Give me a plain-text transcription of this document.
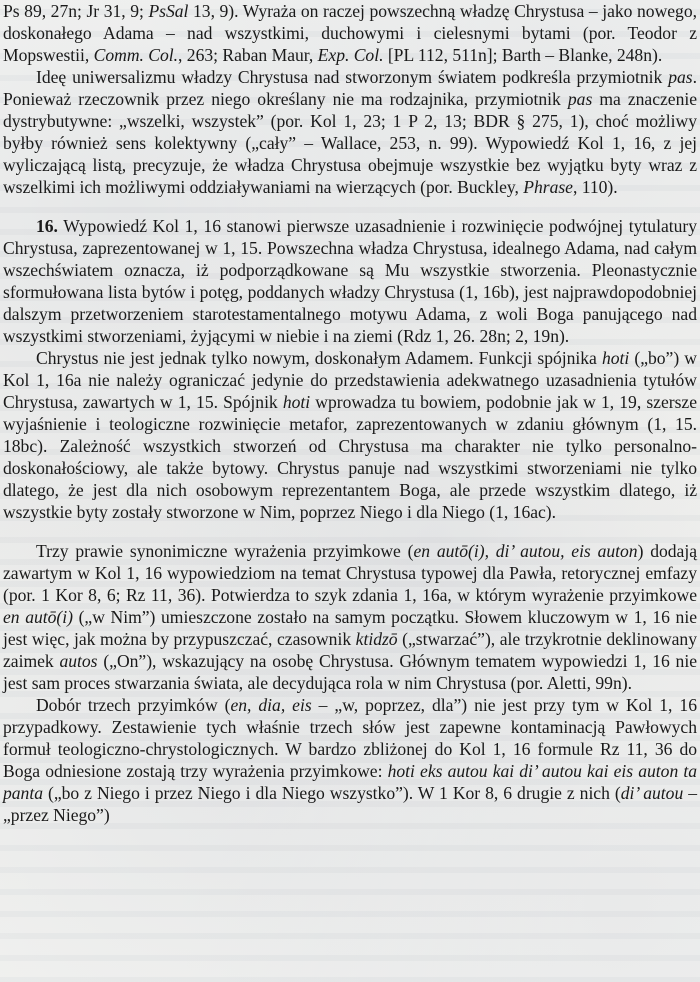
Ps 89, 27n; Jr 31, 9; PsSal 13, 9). Wyraża on raczej powszechną władzę Chrystusa – jako nowego, doskonałego Adama – nad wszystkimi, duchowymi i cielesnymi bytami (por. Teodor z Mopswestii, Comm. Col., 263; Raban Maur, Exp. Col. [PL 112, 511n]; Barth – Blanke, 248n).

Ideę uniwersalizmu władzy Chrystusa nad stworzonym światem podkreśla przymiotnik pas. Ponieważ rzeczownik przez niego określany nie ma rodzajnika, przymiotnik pas ma znaczenie dystrybutywne: „wszelki, wszystek” (por. Kol 1, 23; 1 P 2, 13; BDR § 275, 1), choć możliwy byłby również sens kolektywny („cały” – Wallace, 253, n. 99). Wypowiedź Kol 1, 16, z jej wyliczającą listą, precyzuje, że władza Chrystusa obejmuje wszystkie bez wyjątku byty wraz z wszelkimi ich możliwymi oddziaływaniami na wierzących (por. Buckley, Phrase, 110).

16. Wypowiedź Kol 1, 16 stanowi pierwsze uzasadnienie i rozwinięcie podwójnej tytulatury Chrystusa, zaprezentowanej w 1, 15. Powszechna władza Chrystusa, idealnego Adama, nad całym wszechświatem oznacza, iż podporządkowane są Mu wszystkie stworzenia. Pleonastycznie sformułowana lista bytów i potęg, poddanych władzy Chrystusa (1, 16b), jest najprawdopodobniej dalszym przetworzeniem starotestamentalnego motywu Adama, z woli Boga panującego nad wszystkimi stworzeniami, żyjącymi w niebie i na ziemi (Rdz 1, 26. 28n; 2, 19n).

Chrystus nie jest jednak tylko nowym, doskonałym Adamem. Funkcji spójnika hoti („bo”) w Kol 1, 16a nie należy ograniczać jedynie do przedstawienia adekwatnego uzasadnienia tytułów Chrystusa, zawartych w 1, 15. Spójnik hoti wprowadza tu bowiem, podobnie jak w 1, 19, szersze wyjaśnienie i teologiczne rozwinięcie metafor, zaprezentowanych w zdaniu głównym (1, 15. 18bc). Zależność wszystkich stworzeń od Chrystusa ma charakter nie tylko personalno-doskonałościowy, ale także bytowy. Chrystus panuje nad wszystkimi stworzeniami nie tylko dlatego, że jest dla nich osobowym reprezentantem Boga, ale przede wszystkim dlatego, iż wszystkie byty zostały stworzone w Nim, poprzez Niego i dla Niego (1, 16ac).

Trzy prawie synonimiczne wyrażenia przyimkowe (en autō(i), di’ autou, eis auton) dodają zawartym w Kol 1, 16 wypowiedziom na temat Chrystusa typowej dla Pawła, retorycznej emfazy (por. 1 Kor 8, 6; Rz 11, 36). Potwierdza to szyk zdania 1, 16a, w którym wyrażenie przyimkowe en autō(i) („w Nim”) umieszczone zostało na samym początku. Słowem kluczowym w 1, 16 nie jest więc, jak można by przypuszczać, czasownik ktidzō („stwarzać”), ale trzykrotnie deklinowany zaimek autos („On”), wskazujący na osobę Chrystusa. Głównym tematem wypowiedzi 1, 16 nie jest sam proces stwarzania świata, ale decydująca rola w nim Chrystusa (por. Aletti, 99n).

Dobór trzech przyimków (en, dia, eis – „w, poprzez, dla”) nie jest przy tym w Kol 1, 16 przypadkowy. Zestawienie tych właśnie trzech słów jest zapewne kontaminacją Pawłowych formuł teologiczno-chrystologicznych. W bardzo zbliżonej do Kol 1, 16 formule Rz 11, 36 do Boga odniesione zostają trzy wyrażenia przyimkowe: hoti eks autou kai di’ autou kai eis auton ta panta („bo z Niego i przez Niego i dla Niego wszystko”). W 1 Kor 8, 6 drugie z nich (di’ autou – „przez Niego”)
